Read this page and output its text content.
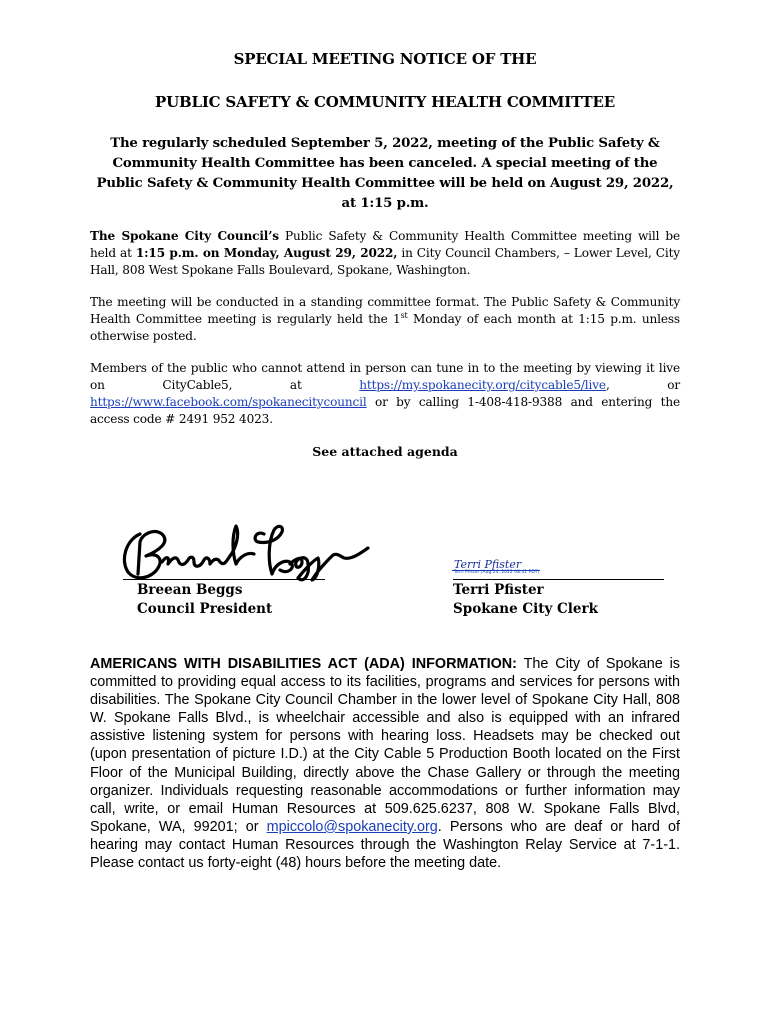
SPECIAL MEETING NOTICE OF THE
PUBLIC SAFETY & COMMUNITY HEALTH COMMITTEE

The regularly scheduled September 5, 2022, meeting of the Public Safety & Community Health Committee has been canceled. A special meeting of the Public Safety & Community Health Committee will be held on August 29, 2022, at 1:15 p.m.

The Spokane City Council’s Public Safety & Community Health Committee meeting will be held at 1:15 p.m. on Monday, August 29, 2022, in City Council Chambers, – Lower Level, City Hall, 808 West Spokane Falls Boulevard, Spokane, Washington.

The meeting will be conducted in a standing committee format. The Public Safety & Community Health Committee meeting is regularly held the 1st Monday of each month at 1:15 p.m. unless otherwise posted.

Members of the public who cannot attend in person can tune in to the meeting by viewing it live on CityCable5, at https://my.spokanecity.org/citycable5/live, or https://www.facebook.com/spokanecitycouncil or by calling 1-408-418-9388 and entering the access code # 2491 952 4023.

See attached agenda
Terri Pfister
Terri Pfister (Aug 24, 2022 08:41 PDT)
Breean Beggs
Council President
Terri Pfister
Spokane City Clerk

AMERICANS WITH DISABILITIES ACT (ADA) INFORMATION: The City of Spokane is committed to providing equal access to its facilities, programs and services for persons with disabilities. The Spokane City Council Chamber in the lower level of Spokane City Hall, 808 W. Spokane Falls Blvd., is wheelchair accessible and also is equipped with an infrared assistive listening system for persons with hearing loss. Headsets may be checked out (upon presentation of picture I.D.) at the City Cable 5 Production Booth located on the First Floor of the Municipal Building, directly above the Chase Gallery or through the meeting organizer. Individuals requesting reasonable accommodations or further information may call, write, or email Human Resources at 509.625.6237, 808 W. Spokane Falls Blvd, Spokane, WA, 99201; or mpiccolo@spokanecity.org. Persons who are deaf or hard of hearing may contact Human Resources through the Washington Relay Service at 7-1-1. Please contact us forty-eight (48) hours before the meeting date.
